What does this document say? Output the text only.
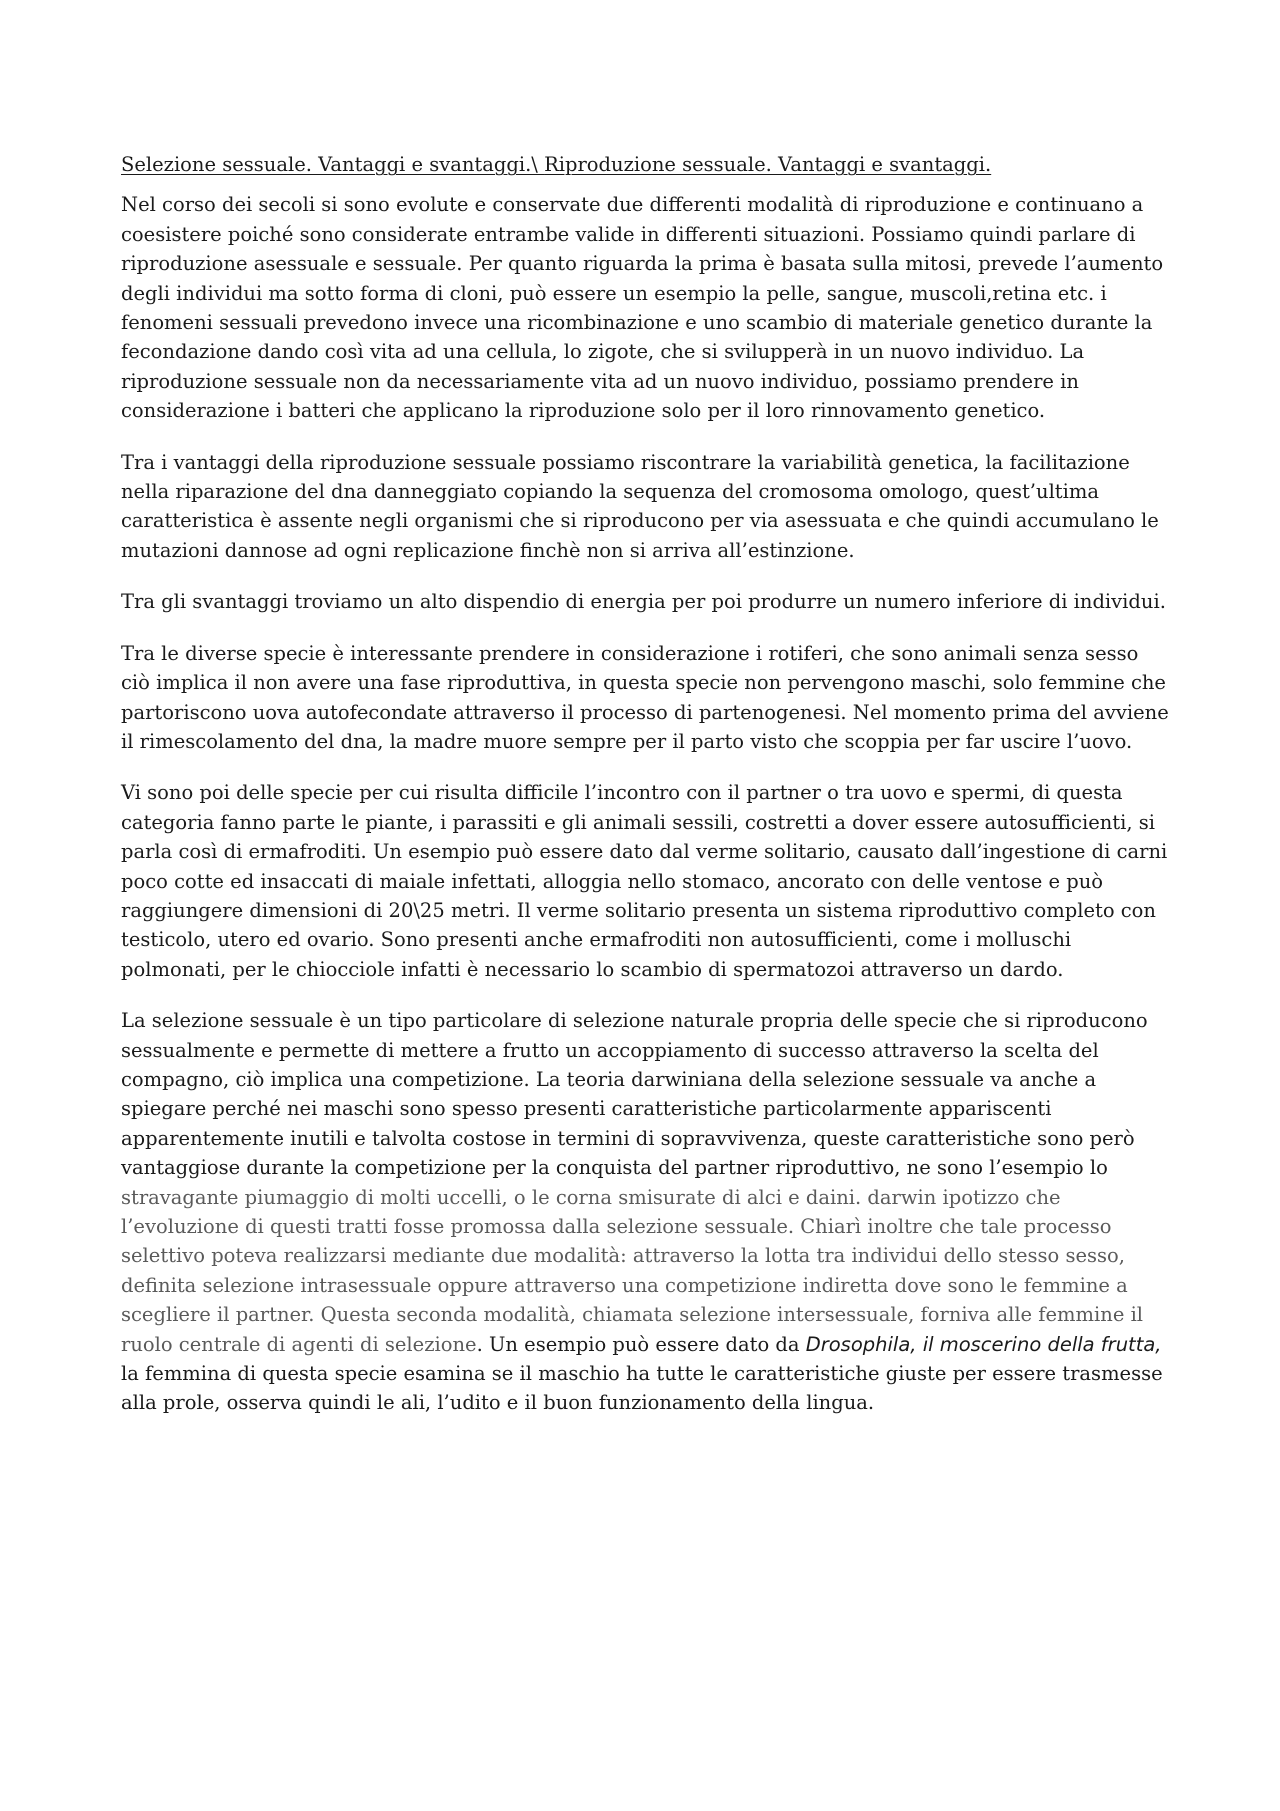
Selezione sessuale. Vantaggi e svantaggi.\ Riproduzione sessuale. Vantaggi e svantaggi.

Nel corso dei secoli si sono evolute e conservate due differenti modalità di riproduzione e continuano a coesistere poiché sono considerate entrambe valide in differenti situazioni. Possiamo quindi parlare di riproduzione asessuale e sessuale. Per quanto riguarda la prima è basata sulla mitosi, prevede l’aumento degli individui ma sotto forma di cloni, può essere un esempio la pelle, sangue, muscoli,retina etc. i fenomeni sessuali prevedono invece una ricombinazione e uno scambio di materiale genetico durante la fecondazione dando così vita ad una cellula, lo zigote, che si svilupperà in un nuovo individuo. La riproduzione sessuale non da necessariamente vita ad un nuovo individuo, possiamo prendere in considerazione i batteri che applicano la riproduzione solo per il loro rinnovamento genetico.

Tra i vantaggi della riproduzione sessuale possiamo riscontrare la variabilità genetica, la facilitazione nella riparazione del dna danneggiato copiando la sequenza del cromosoma omologo, quest’ultima caratteristica è assente negli organismi che si riproducono per via asessuata e che quindi accumulano le mutazioni dannose ad ogni replicazione finchè non si arriva all’estinzione.

Tra gli svantaggi troviamo un alto dispendio di energia per poi produrre un numero inferiore di individui.

Tra le diverse specie è interessante prendere in considerazione i rotiferi, che sono animali senza sesso ciò implica il non avere una fase riproduttiva, in questa specie non pervengono maschi, solo femmine che partoriscono uova autofecondate attraverso il processo di partenogenesi. Nel momento prima del avviene il rimescolamento del dna, la madre muore sempre per il parto visto che scoppia per far uscire l’uovo.

Vi sono poi delle specie per cui risulta difficile l’incontro con il partner o tra uovo e spermi, di questa categoria fanno parte le piante, i parassiti e gli animali sessili, costretti a dover essere autosufficienti, si parla così di ermafroditi. Un esempio può essere dato dal verme solitario, causato dall’ingestione di carni poco cotte ed insaccati di maiale infettati, alloggia nello stomaco, ancorato con delle ventose e può raggiungere dimensioni di 20\25 metri. Il verme solitario presenta un sistema riproduttivo completo con testicolo, utero ed ovario. Sono presenti anche ermafroditi non autosufficienti, come i molluschi polmonati, per le chiocciole infatti è necessario lo scambio di spermatozoi attraverso un dardo.

La selezione sessuale è un tipo particolare di selezione naturale propria delle specie che si riproducono sessualmente e permette di mettere a frutto un accoppiamento di successo attraverso la scelta del compagno, ciò implica una competizione. La teoria darwiniana della selezione sessuale va anche a spiegare perché nei maschi sono spesso presenti caratteristiche particolarmente appariscenti apparentemente inutili e talvolta costose in termini di sopravvivenza, queste caratteristiche sono però vantaggiose durante la competizione per la conquista del partner riproduttivo, ne sono l’esempio lo stravagante piumaggio di molti uccelli, o le corna smisurate di alci e daini. darwin ipotizzo che l’evoluzione di questi tratti fosse promossa dalla selezione sessuale. Chiarì inoltre che tale processo selettivo poteva realizzarsi mediante due modalità: attraverso la lotta tra individui dello stesso sesso, definita selezione intrasessuale oppure attraverso una competizione indiretta dove sono le femmine a scegliere il partner. Questa seconda modalità, chiamata selezione intersessuale, forniva alle femmine il ruolo centrale di agenti di selezione. Un esempio può essere dato da Drosophila, il moscerino della frutta, la femmina di questa specie esamina se il maschio ha tutte le caratteristiche giuste per essere trasmesse alla prole, osserva quindi le ali, l’udito e il buon funzionamento della lingua.
